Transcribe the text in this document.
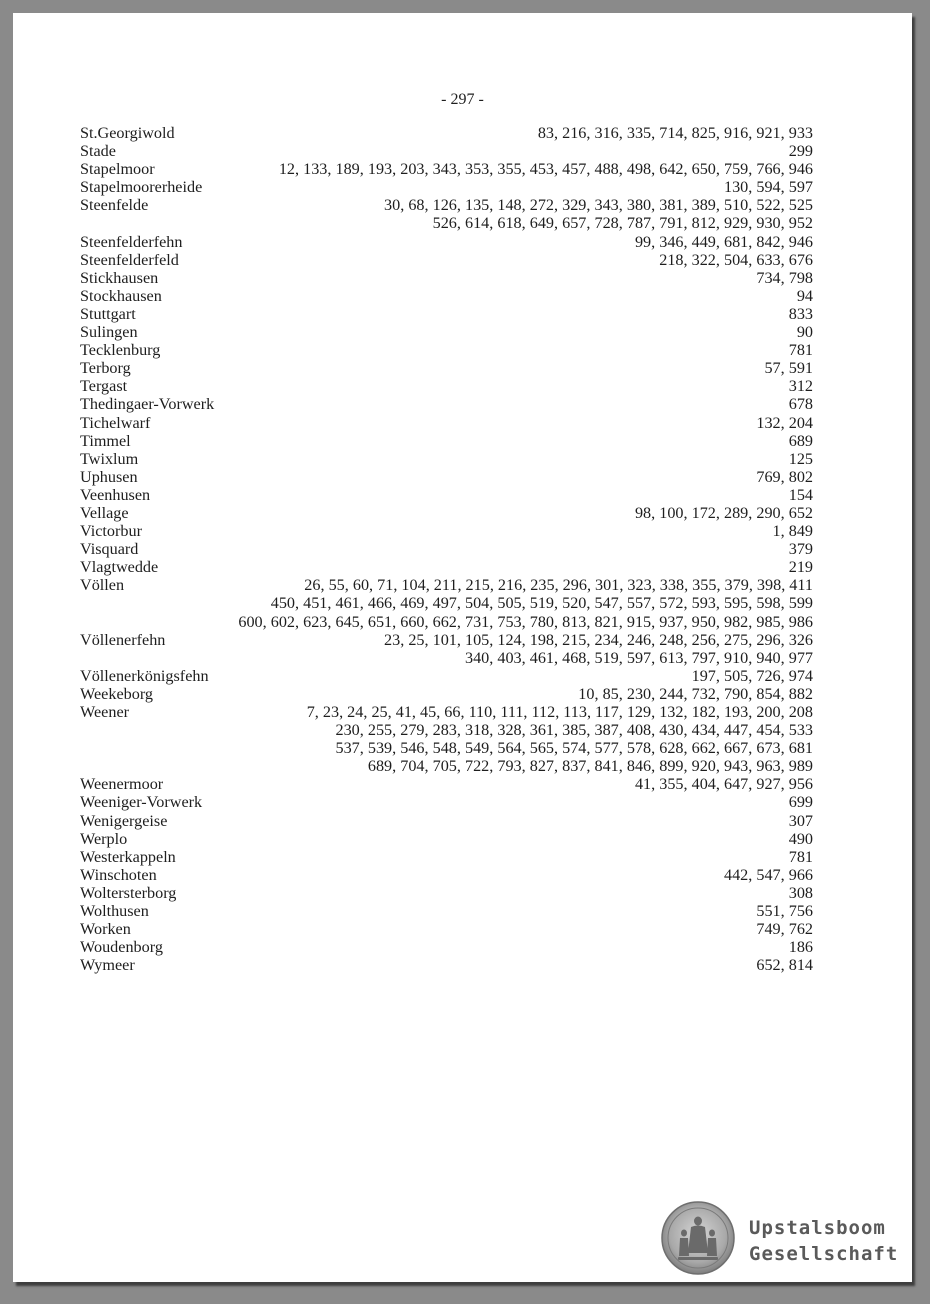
- 297 -
83, 216, 316, 335, 714, 825, 916, 921, 933
St.Georgiwold
299
Stade
12, 133, 189, 193, 203, 343, 353, 355, 453, 457, 488, 498, 642, 650, 759, 766, 946
Stapelmoor
130, 594, 597
Stapelmoorerheide
30, 68, 126, 135, 148, 272, 329, 343, 380, 381, 389, 510, 522, 525
Steenfelde
526, 614, 618, 649, 657, 728, 787, 791, 812, 929, 930, 952
99, 346, 449, 681, 842, 946
Steenfelderfehn
218, 322, 504, 633, 676
Steenfelderfeld
734, 798
Stickhausen
94
Stockhausen
833
Stuttgart
90
Sulingen
781
Tecklenburg
57, 591
Terborg
312
Tergast
678
Thedingaer-Vorwerk
132, 204
Tichelwarf
689
Timmel
125
Twixlum
769, 802
Uphusen
154
Veenhusen
98, 100, 172, 289, 290, 652
Vellage
1, 849
Victorbur
379
Visquard
219
Vlagtwedde
26, 55, 60, 71, 104, 211, 215, 216, 235, 296, 301, 323, 338, 355, 379, 398, 411
Völlen
450, 451, 461, 466, 469, 497, 504, 505, 519, 520, 547, 557, 572, 593, 595, 598, 599
600, 602, 623, 645, 651, 660, 662, 731, 753, 780, 813, 821, 915, 937, 950, 982, 985, 986
23, 25, 101, 105, 124, 198, 215, 234, 246, 248, 256, 275, 296, 326
Völlenerfehn
340, 403, 461, 468, 519, 597, 613, 797, 910, 940, 977
197, 505, 726, 974
Völlenerkönigsfehn
10, 85, 230, 244, 732, 790, 854, 882
Weekeborg
7, 23, 24, 25, 41, 45, 66, 110, 111, 112, 113, 117, 129, 132, 182, 193, 200, 208
Weener
230, 255, 279, 283, 318, 328, 361, 385, 387, 408, 430, 434, 447, 454, 533
537, 539, 546, 548, 549, 564, 565, 574, 577, 578, 628, 662, 667, 673, 681
689, 704, 705, 722, 793, 827, 837, 841, 846, 899, 920, 943, 963, 989
41, 355, 404, 647, 927, 956
Weenermoor
699
Weeniger-Vorwerk
307
Wenigergeise
490
Werplo
781
Westerkappeln
442, 547, 966
Winschoten
308
Woltersterborg
551, 756
Wolthusen
749, 762
Worken
186
Woudenborg
652, 814
Wymeer
Upstalsboom
Gesellschaft
